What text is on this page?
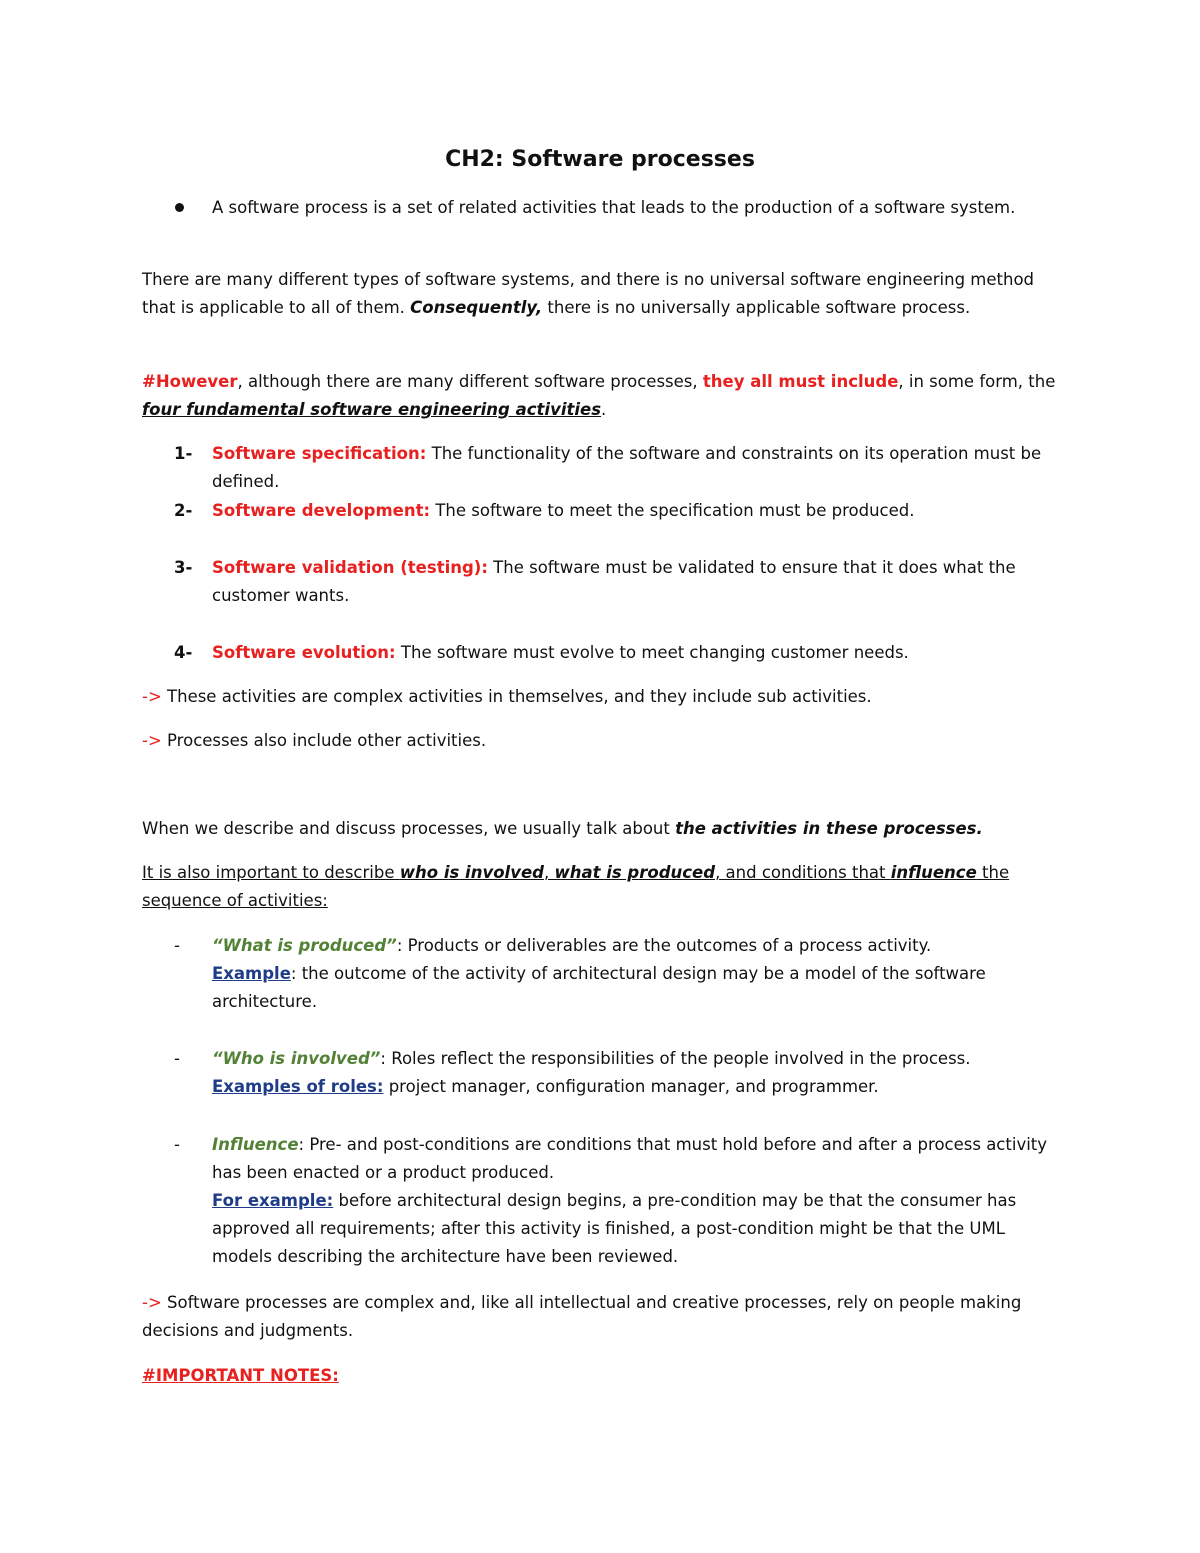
CH2: Software processes
A software process is a set of related activities that leads to the production of a software system.
There are many different types of software systems, and there is no universal software engineering method that is applicable to all of them. Consequently, there is no universally applicable software process.
#However, although there are many different software processes, they all must include, in some form, the four fundamental software engineering activities.
1- Software specification: The functionality of the software and constraints on its operation must be defined.
2- Software development: The software to meet the specification must be produced.
3- Software validation (testing): The software must be validated to ensure that it does what the customer wants.
4- Software evolution: The software must evolve to meet changing customer needs.
-> These activities are complex activities in themselves, and they include sub activities.
-> Processes also include other activities.
When we describe and discuss processes, we usually talk about the activities in these processes.
It is also important to describe who is involved, what is produced, and conditions that influence the sequence of activities:
- “What is produced”: Products or deliverables are the outcomes of a process activity.
Example: the outcome of the activity of architectural design may be a model of the software architecture.
- “Who is involved”: Roles reflect the responsibilities of the people involved in the process.
Examples of roles: project manager, configuration manager, and programmer.
- Influence: Pre- and post-conditions are conditions that must hold before and after a process activity has been enacted or a product produced.
For example: before architectural design begins, a pre-condition may be that the consumer has approved all requirements; after this activity is finished, a post-condition might be that the UML models describing the architecture have been reviewed.
-> Software processes are complex and, like all intellectual and creative processes, rely on people making decisions and judgments.
#IMPORTANT NOTES:
